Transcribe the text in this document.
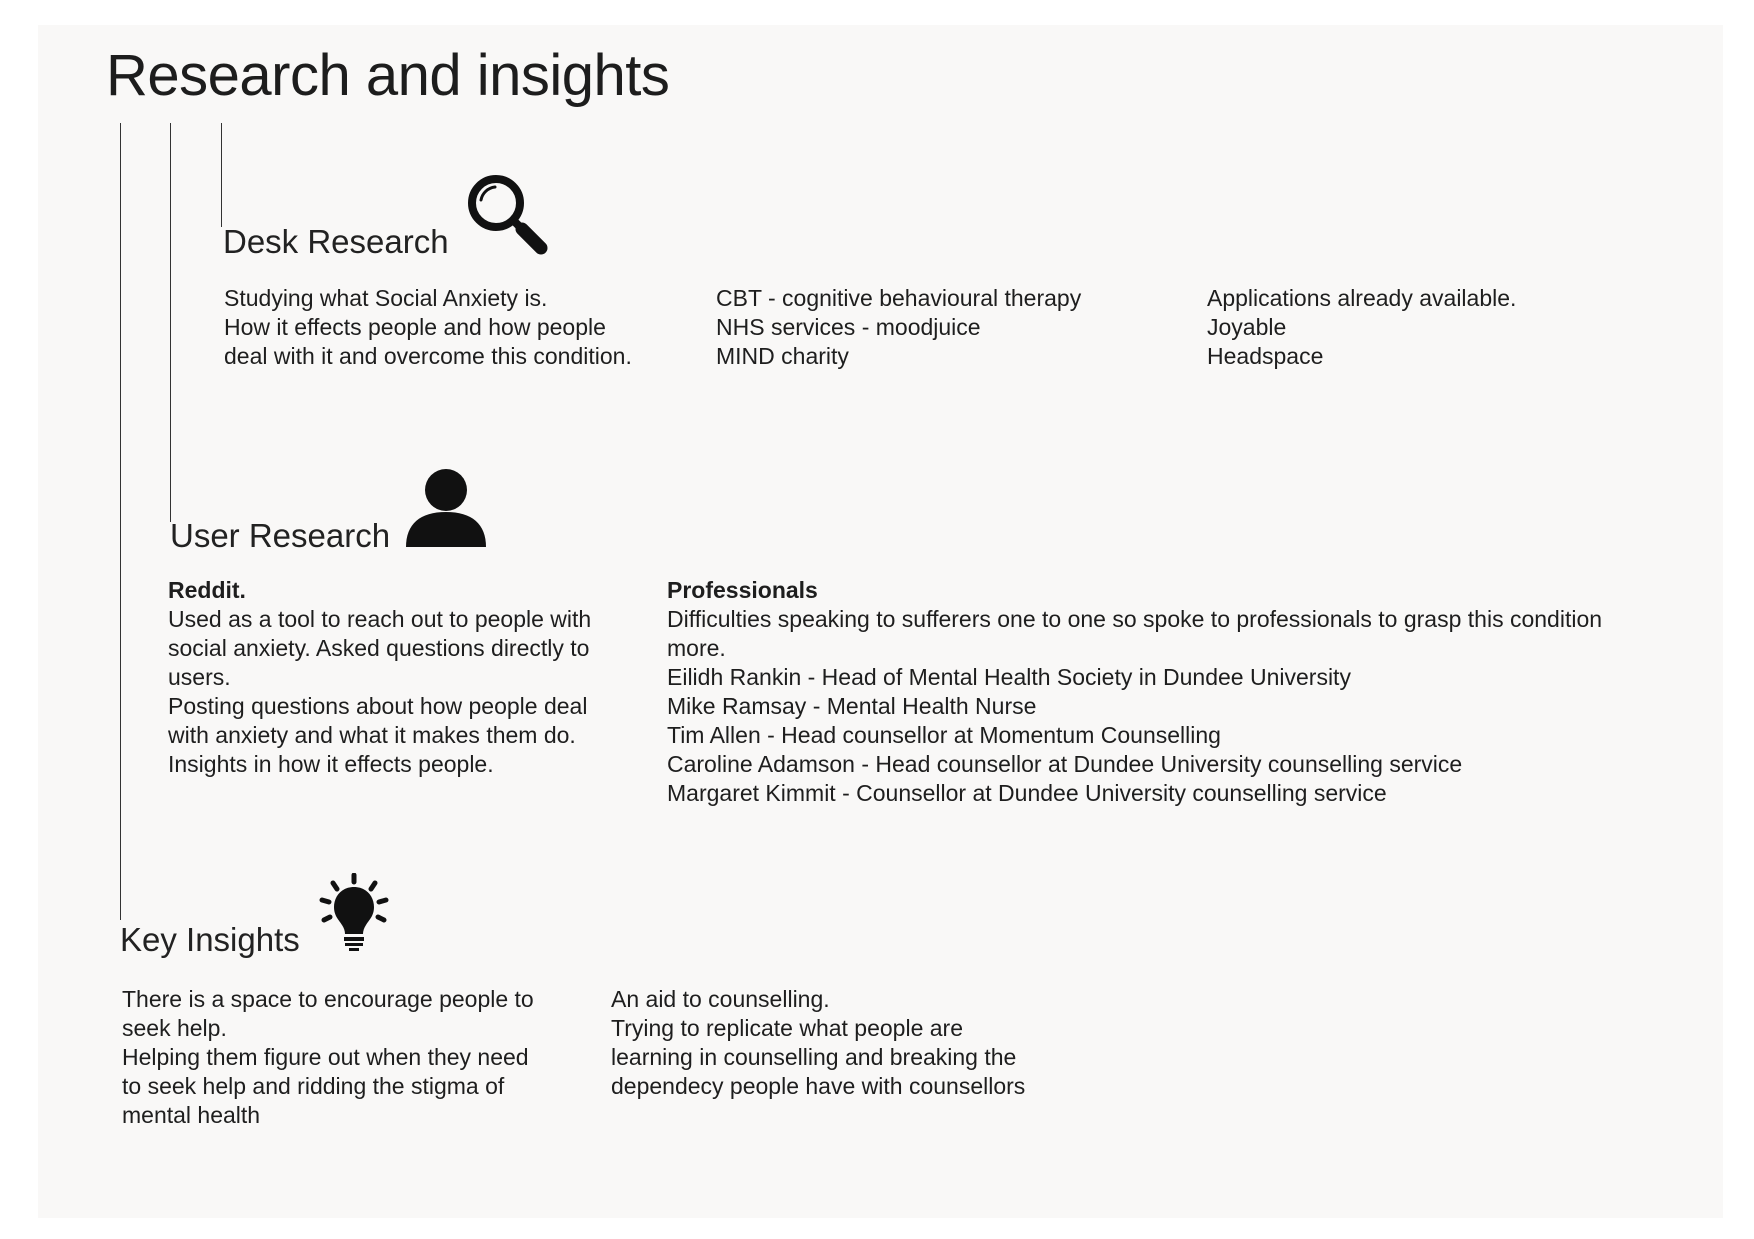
Research and insights
Desk Research
Studying what Social Anxiety is.
How it effects people and how people
deal with it and overcome this condition.
CBT - cognitive behavioural therapy
NHS services - moodjuice
MIND charity
Applications already available.
Joyable
Headspace
User Research
Reddit.
Used as a tool to reach out to people with
social anxiety. Asked questions directly to
users.
Posting questions about how people deal
with anxiety and what it makes them do.
Insights in how it effects people.
Professionals
Difficulties speaking to sufferers one to one so spoke to professionals to grasp this condition
more.
Eilidh Rankin - Head of Mental Health Society in Dundee University
Mike Ramsay - Mental Health Nurse
Tim Allen - Head counsellor at Momentum Counselling
Caroline Adamson - Head counsellor at Dundee University counselling service
Margaret Kimmit - Counsellor at Dundee University counselling service
Key Insights
There is a space to encourage people to
seek help.
Helping them figure out when they need
to seek help and ridding the stigma of
mental health
An aid to counselling.
Trying to replicate what people are
learning in counselling and breaking the
dependecy people have with counsellors
